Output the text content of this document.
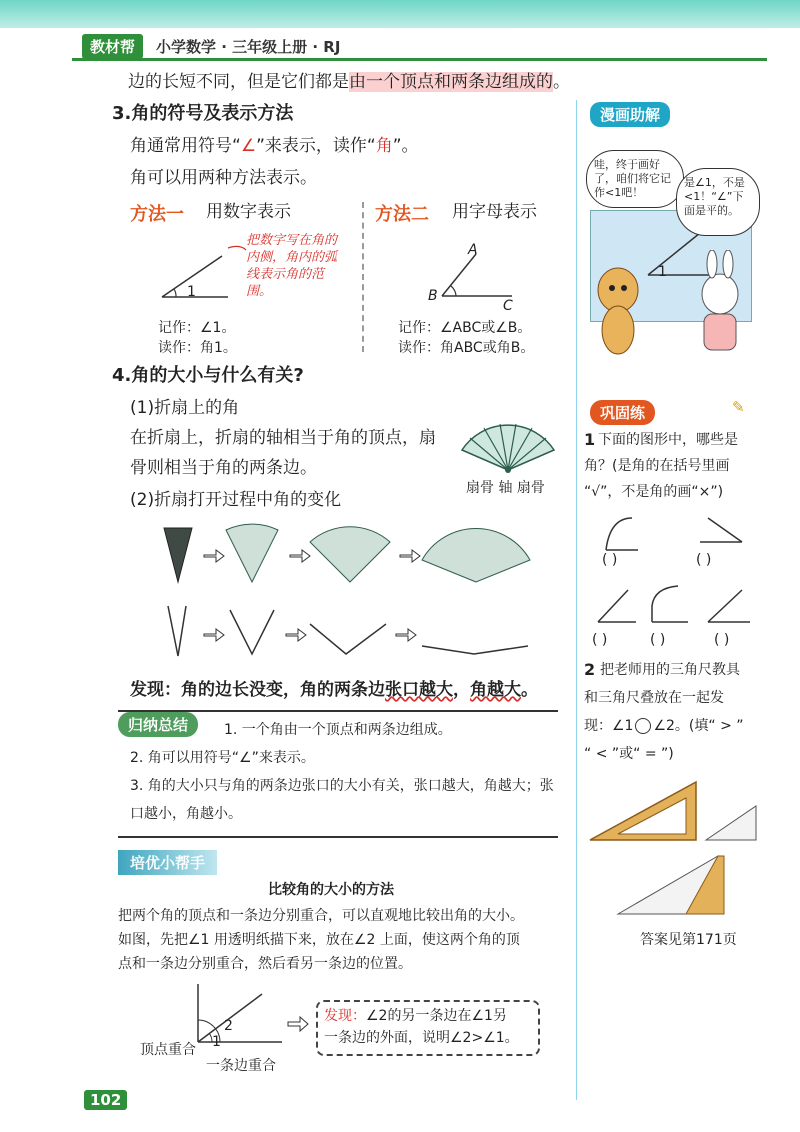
教材帮	小学数学 · 三年级上册 · RJ
边的长短不同，但是它们都是由一个顶点和两条边组成的。
3.角的符号及表示方法
角通常用符号“∠”来表示，读作“角”。
角可以用两种方法表示。
方法一 用数字表示	方法二 用字母表示
1
把数字写在角的内侧，角内的弧线表示角的范围。
记作：∠1。
读作：角1。
A
B
C
记作：∠ABC或∠B。
读作：角ABC或角B。
4.角的大小与什么有关?
(1)折扇上的角
在折扇上，折扇的轴相当于角的顶点，扇
骨则相当于角的两条边。
扇骨 轴 扇骨
(2)折扇打开过程中角的变化
发现：角的边长没变，角的两条边张口越大，角越大。
归纳总结	1. 一个角由一个顶点和两条边组成。
2. 角可以用符号“∠”来表示。
3. 角的大小只与角的两条边张口的大小有关，张口越大，角越大；张
口越小，角越小。
培优小帮手
比较角的大小的方法
把两个角的顶点和一条边分别重合，可以直观地比较出角的大小。
如图，先把∠1 用透明纸描下来，放在∠2 上面，使这两个角的顶
点和一条边分别重合，然后看另一条边的位置。
1
2
顶点重合
一条边重合
发现：∠2的另一条边在∠1另
一条边的外面，说明∠2>∠1。
102
漫画助解
1
哇，终于画好了，咱们将它记作<1吧！
是∠1，不是<1！“∠”下面是平的。
巩固练	✎
1 下面的图形中，哪些是
角？(是角的在括号里画
“√”，不是角的画“×”)
( )	( )
( )	( )	( )
2 把老师用的三角尺教具
和三角尺叠放在一起发
现：∠1 ∠2。(填“ > ”
“ < ”或“ = ”)
答案见第171页
